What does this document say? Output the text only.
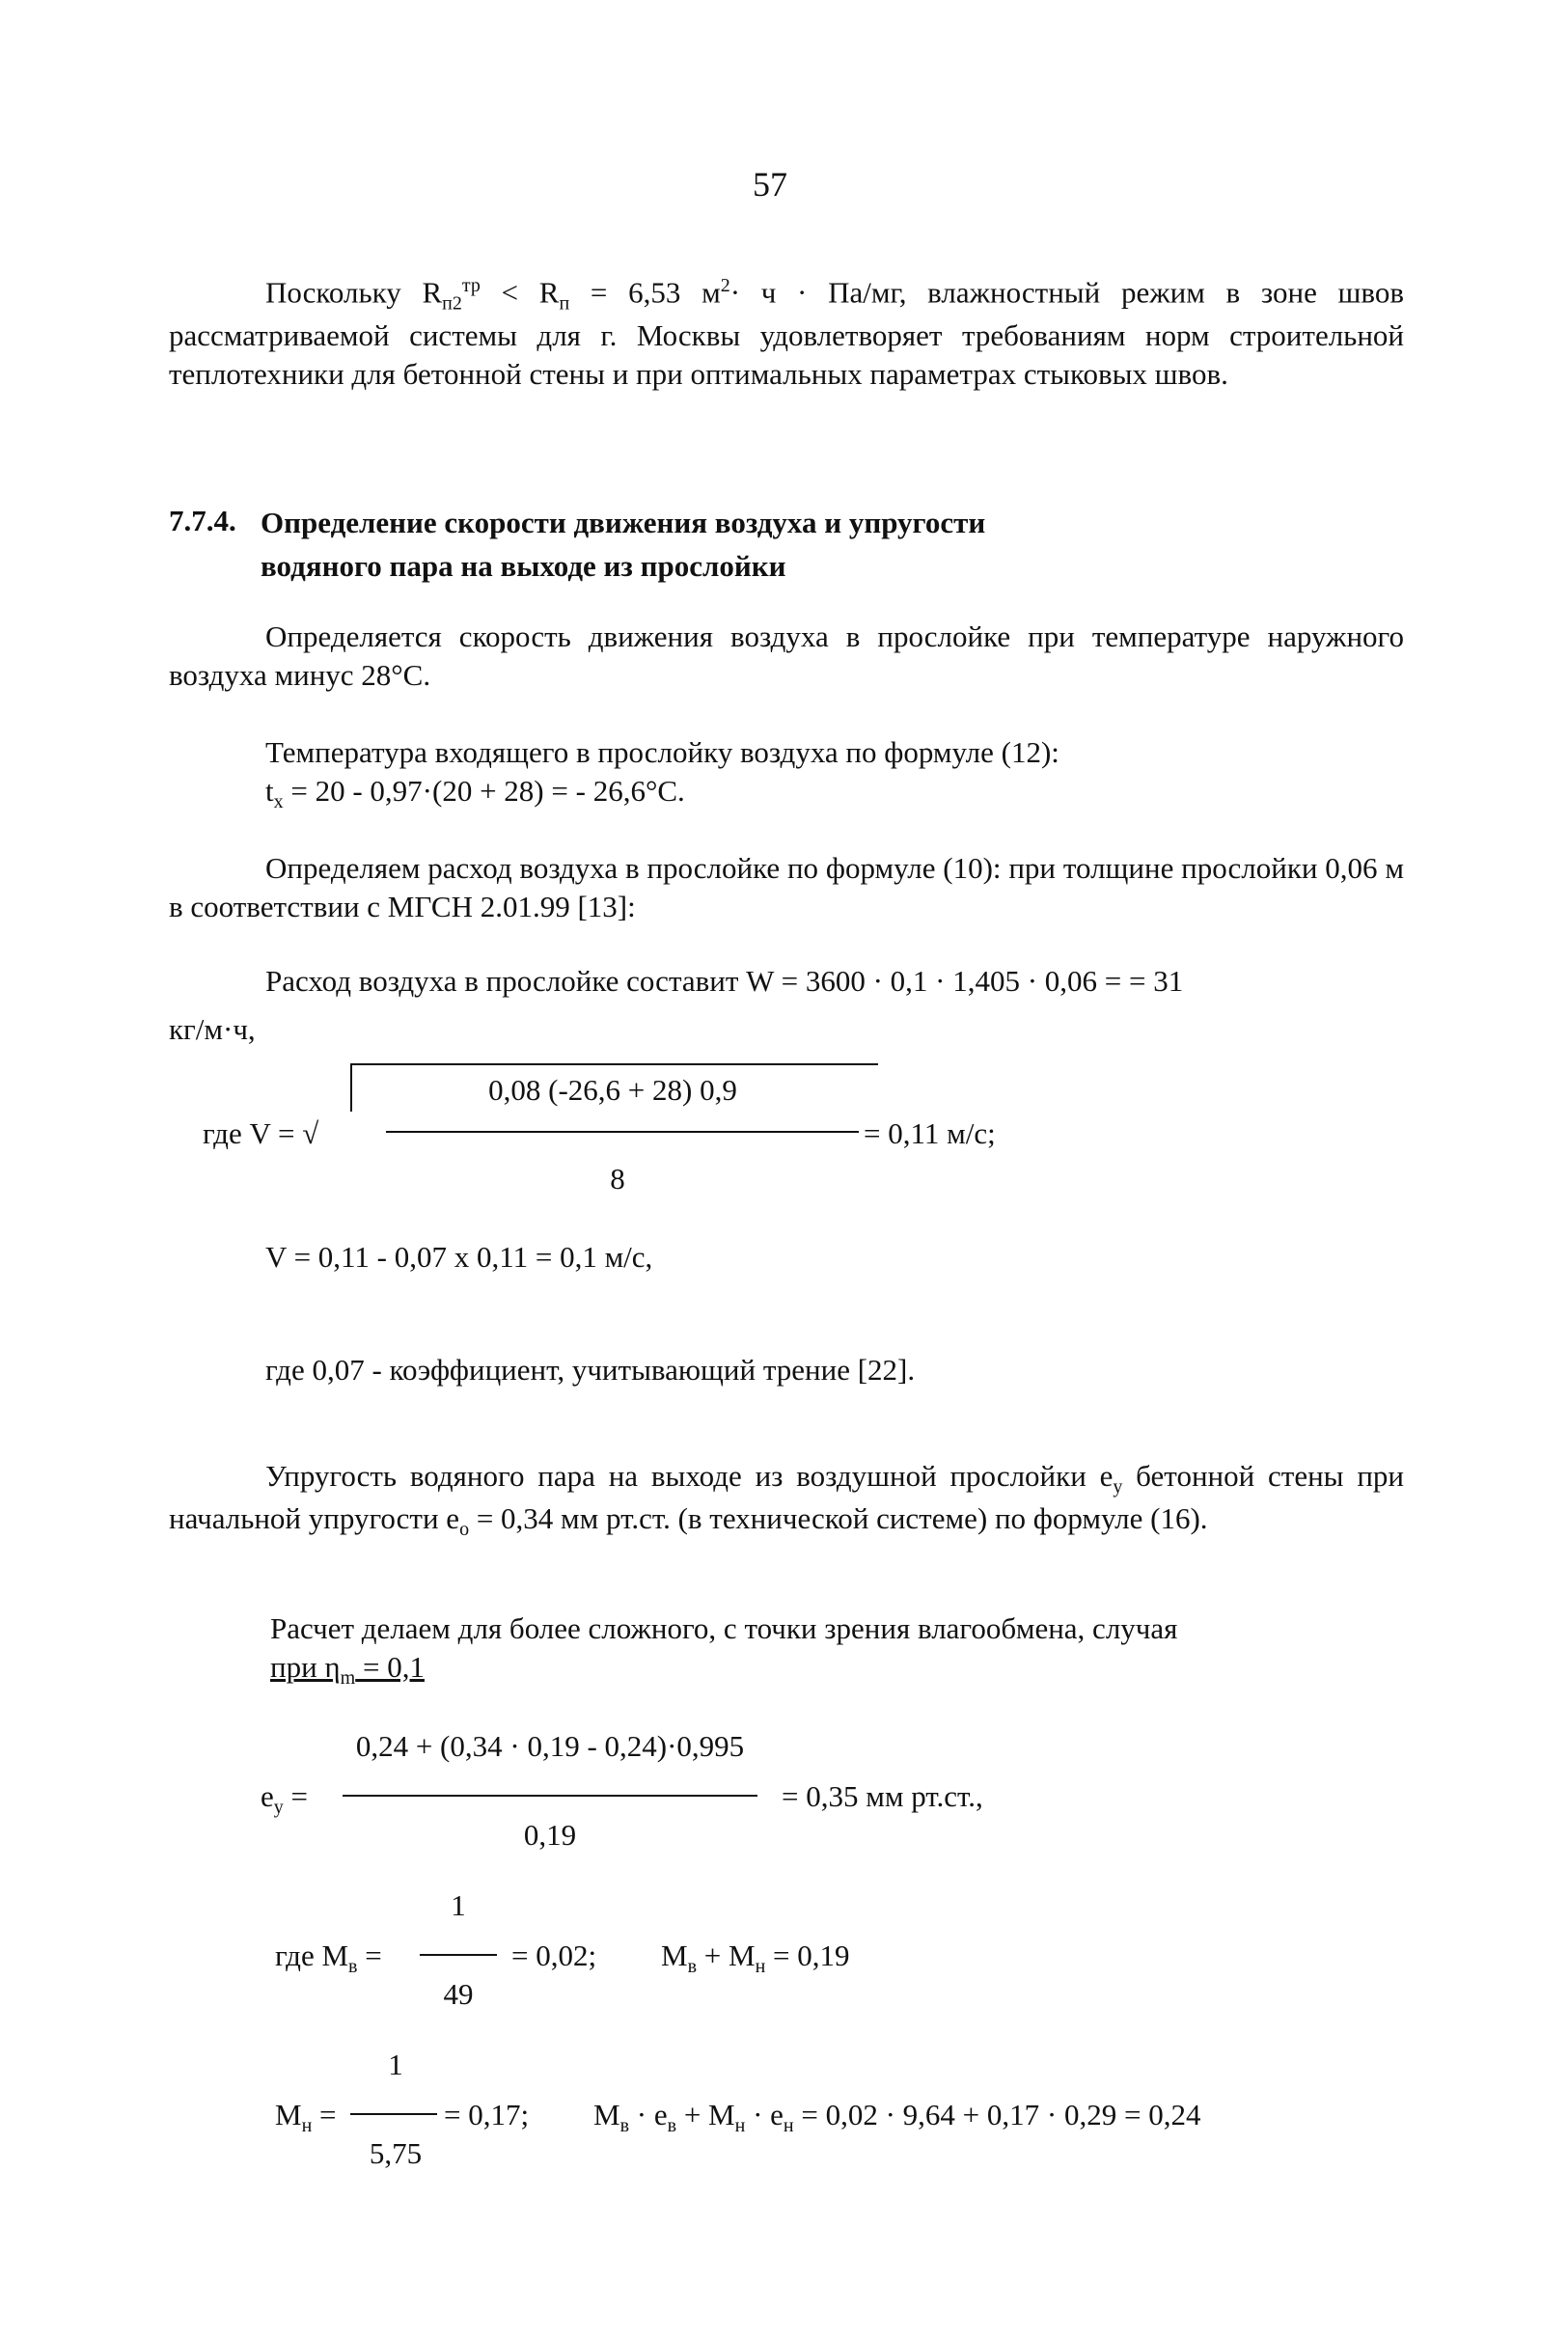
57
Поскольку $R_{п2}^{тр} < R_п = 6,53$ $м^2\cdot ч \cdot Па/мг$, влажностный режим в зоне швов рассматриваемой системы для г. Москвы удовлетворяет требованиям норм строительной теплотехники для бетонной стены и при оптимальных параметрах стыковых швов.
7.7.4. Определение скорости движения воздуха и упругости
водяного пара на выходе из прослойки
Определяется скорость движения воздуха в прослойке при температуре наружного воздуха минус 28°С.
Температура входящего в прослойку воздуха по формуле (12):
$t_x = 20 - 0,97\cdot(20 + 28)$ = - 26,6°С.
Определяем расход воздуха в прослойке по формуле (10): при толщине прослойки 0,06 м в соответствии с МГСН 2.01.99 [13]:
Расход воздуха в прослойке составит W = 3600 · 0,1 · 1,405 · 0,06 = = 31
кг/м·ч,
где V = √
0,08 (-26,6 + 28) 0,9
8
= 0,11 м/с;
V = 0,11 - 0,07 x 0,11 = 0,1 м/с,
где 0,07 - коэффициент, учитывающий трение [22].
Упругость водяного пара на выходе из воздушной прослойки $e_у$ бетонной стены при начальной упругости $e_о = 0,34$ мм рт.ст. (в технической системе) по формуле (16).
Расчет делаем для более сложного, с точки зрения влагообмена, случая
при $\eta_m = 0,1$
$e_у$ =
0,24 + (0,34 · 0,19 - 0,24)·0,995
0,19
= 0,35 мм рт.ст.,
где $M_в$ =
1
49
= 0,02; $M_в + M_н = 0,19$
$M_н$ =
1
5,75
= 0,17; $M_в \cdot e_в + M_н \cdot e_н = 0,02 \cdot 9,64 + 0,17 \cdot 0,29 = 0,24$
